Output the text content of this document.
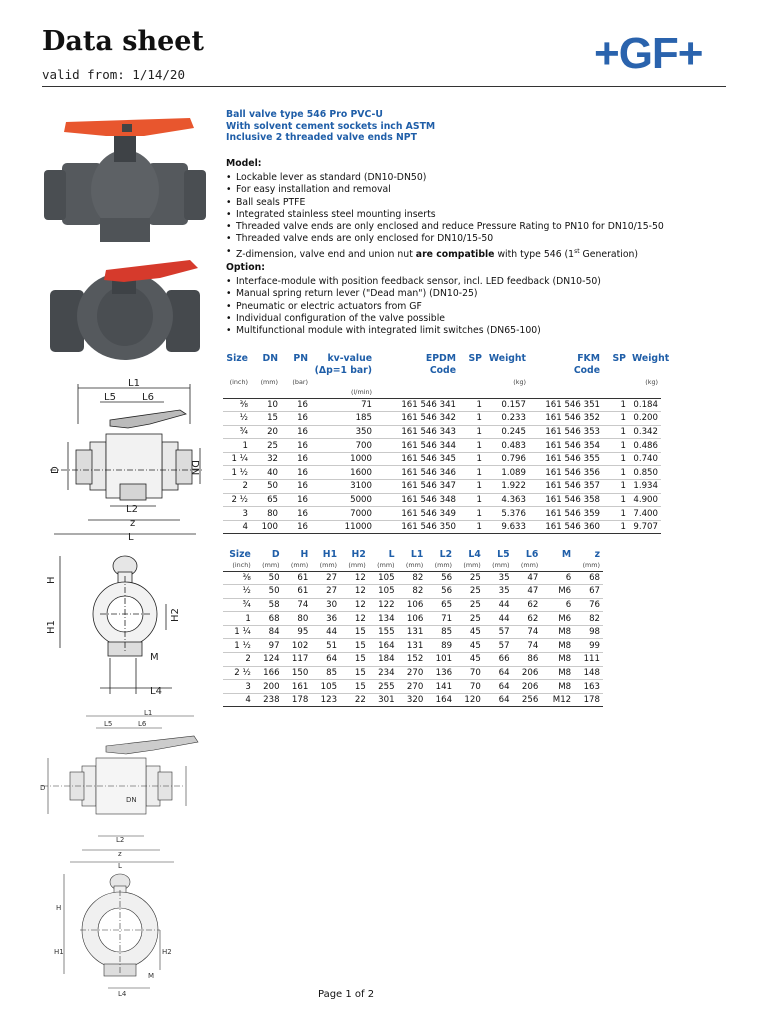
Data sheet
valid from: 1/14/20	+GF+
L1
L5	L6
D	DN
L2
z
L
H
H1
H2
M
L4
L1
L5	L6
D
DN
L2
z
L
H
H1	H2
M
L4
Ball valve type 546 Pro PVC-U
With solvent cement sockets inch ASTM
Inclusive 2 threaded valve ends NPT
Model:
• Lockable lever as standard (DN10-DN50)
• For easy installation and removal
• Ball seals PTFE
• Integrated stainless steel mounting inserts
• Threaded valve ends are only enclosed and reduce Pressure Rating to PN10 for DN10/15-50
• Threaded valve ends are only enclosed for DN10/15-50
• Z-dimension, valve end and union nut are compatible with type 546 (1st Generation)
Option:
• Interface-module with position feedback sensor, incl. LED feedback (DN10-50)
• Manual spring return lever ("Dead man") (DN10-25)
• Pneumatic or electric actuators from GF
• Individual configuration of the valve possible
• Multifunctional module with integrated limit switches (DN65-100)
Size	DN	PN	kv-value	EPDM	SP	Weight	FKM	SP	Weight
			(Δp=1 bar)	Code			Code		
(inch)	(mm)	(bar)				(kg)			(kg)
			(l/min)						
⅜	10	16	71	161 546 341	1	0.157	161 546 351	1	0.184
½	15	16	185	161 546 342	1	0.233	161 546 352	1	0.200
¾	20	16	350	161 546 343	1	0.245	161 546 353	1	0.342
1	25	16	700	161 546 344	1	0.483	161 546 354	1	0.486
1 ¼	32	16	1000	161 546 345	1	0.796	161 546 355	1	0.740
1 ½	40	16	1600	161 546 346	1	1.089	161 546 356	1	0.850
2	50	16	3100	161 546 347	1	1.922	161 546 357	1	1.934
2 ½	65	16	5000	161 546 348	1	4.363	161 546 358	1	4.900
3	80	16	7000	161 546 349	1	5.376	161 546 359	1	7.400
4	100	16	11000	161 546 350	1	9.633	161 546 360	1	9.707
Size	D	H	H1	H2	L	L1	L2	L4	L5	L6	M	z
(inch)	(mm)	(mm)	(mm)	(mm)	(mm)	(mm)	(mm)	(mm)	(mm)	(mm)		(mm)
⅜	50	61	27	12	105	82	56	25	35	47	6	68
½	50	61	27	12	105	82	56	25	35	47	M6	67
¾	58	74	30	12	122	106	65	25	44	62	6	76
1	68	80	36	12	134	106	71	25	44	62	M6	82
1 ¼	84	95	44	15	155	131	85	45	57	74	M8	98
1 ½	97	102	51	15	164	131	89	45	57	74	M8	99
2	124	117	64	15	184	152	101	45	66	86	M8	111
2 ½	166	150	85	15	234	270	136	70	64	206	M8	148
3	200	161	105	15	255	270	141	70	64	206	M8	163
4	238	178	123	22	301	320	164	120	64	256	M12	178
Page 1 of 2
